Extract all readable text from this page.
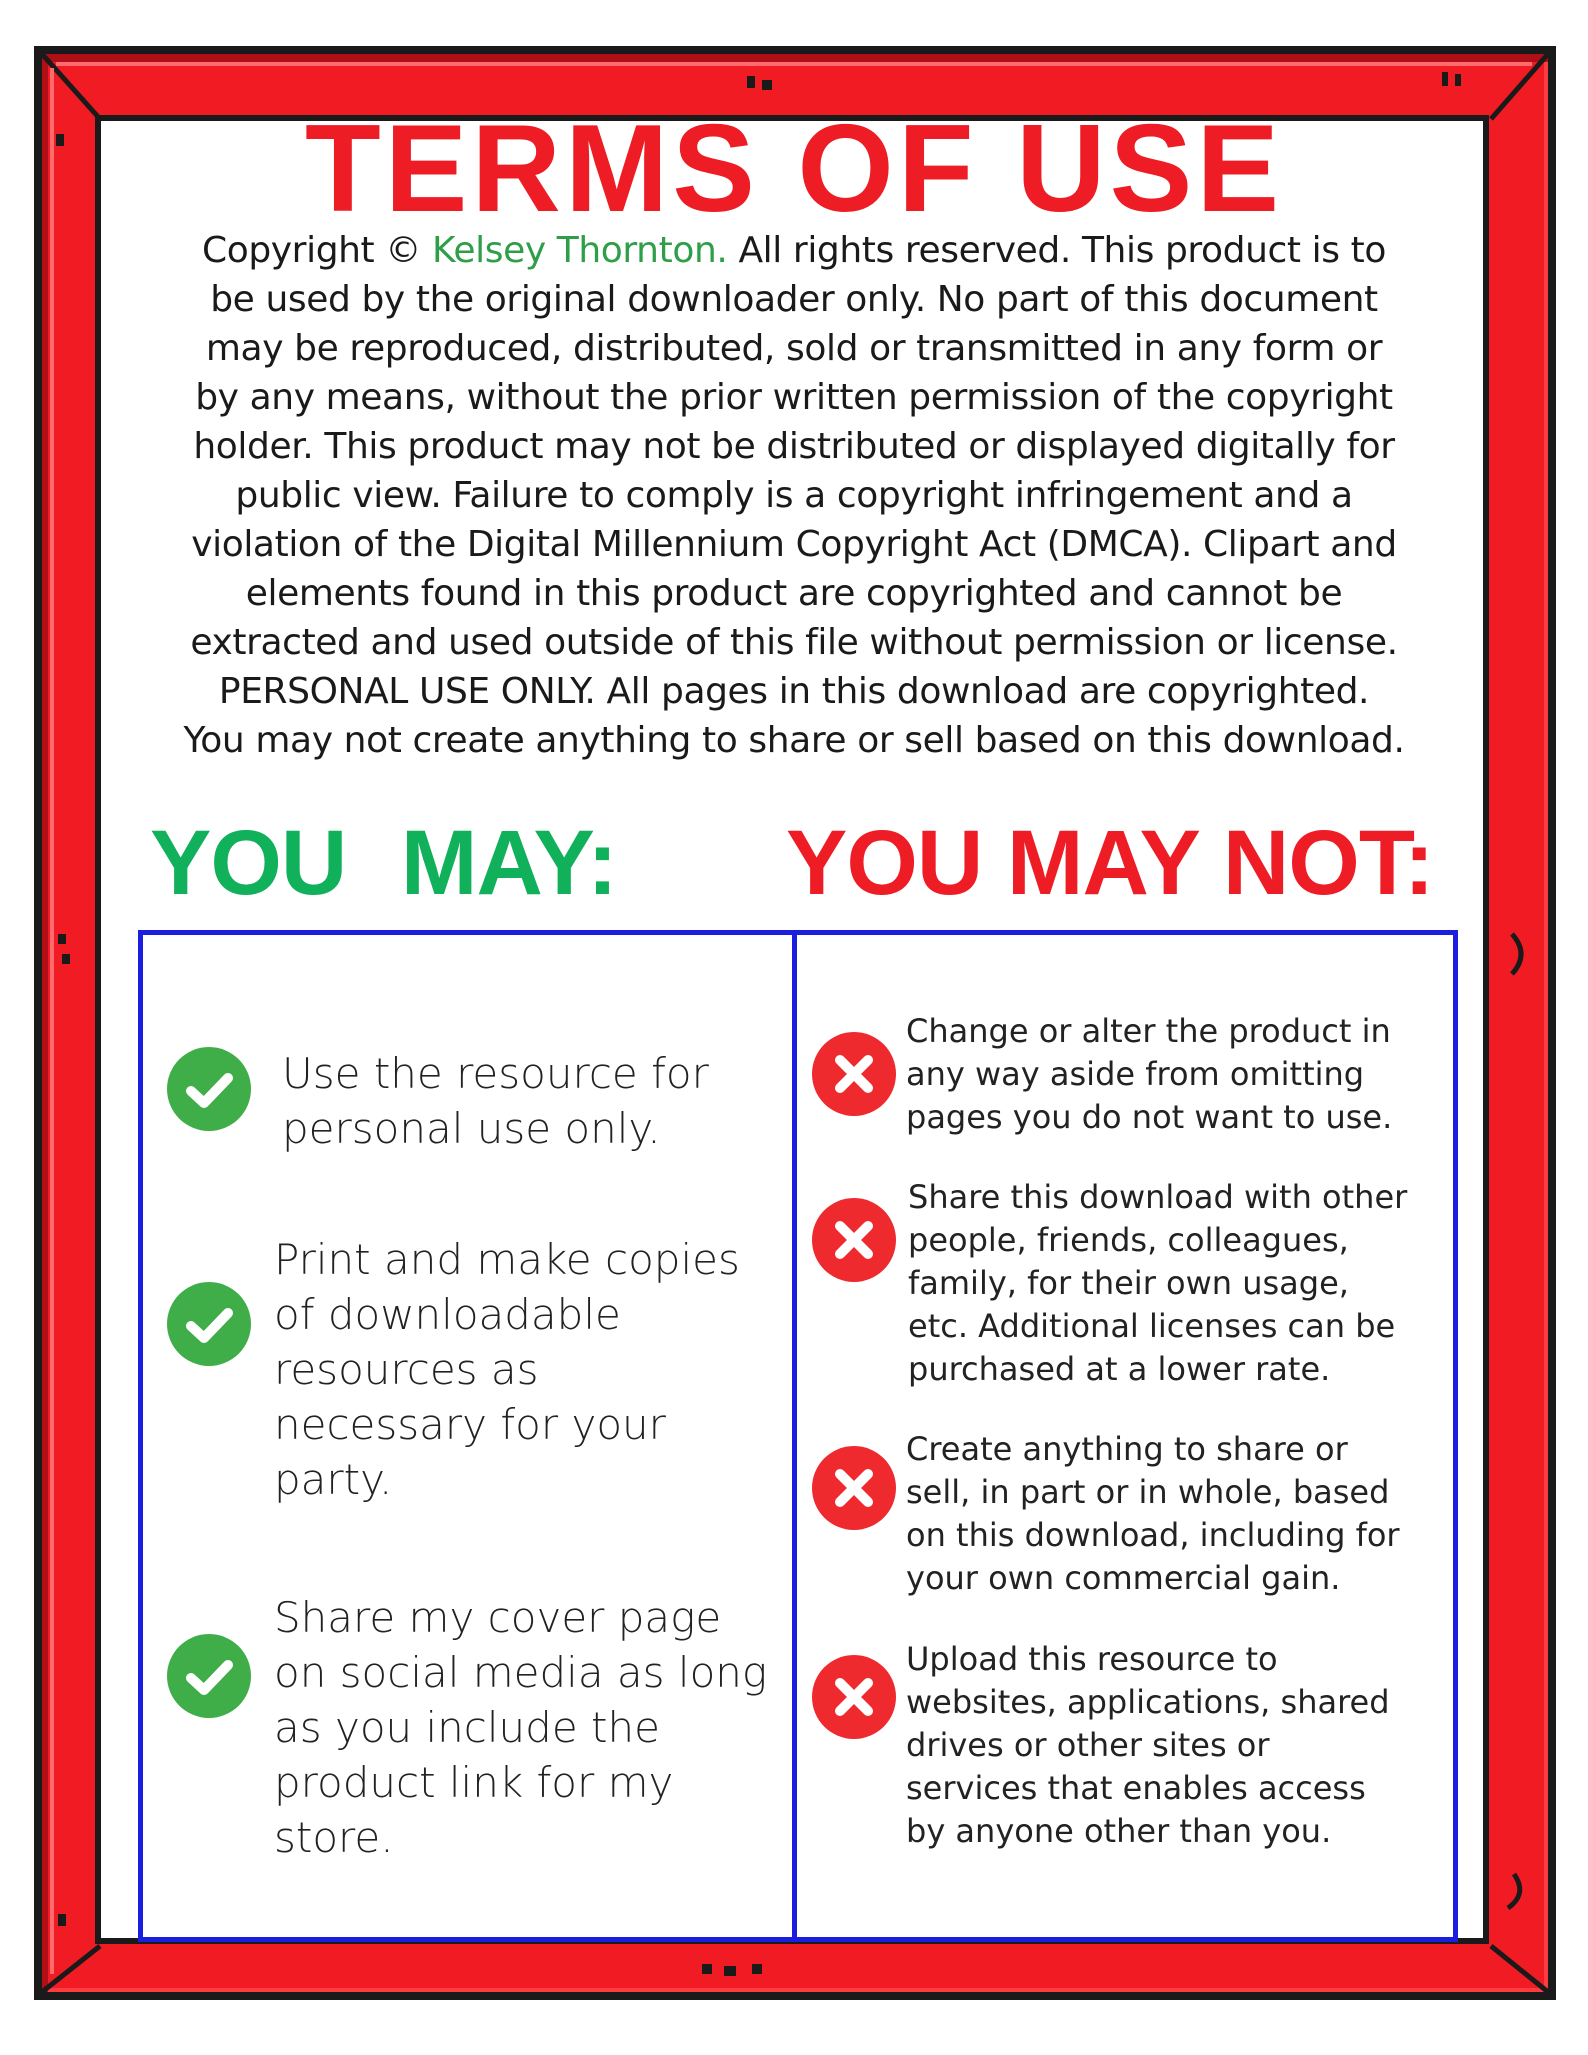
TERMS OF USE
Copyright © Kelsey Thornton. All rights reserved. This product is to
be used by the original downloader only. No part of this document
may be reproduced, distributed, sold or transmitted in any form or
by any means, without the prior written permission of the copyright
holder. This product may not be distributed or displayed digitally for
public view. Failure to comply is a copyright infringement and a
violation of the Digital Millennium Copyright Act (DMCA). Clipart and
elements found in this product are copyrighted and cannot be
extracted and used outside of this file without permission or license.
PERSONAL USE ONLY. All pages in this download are copyrighted.
You may not create anything to share or sell based on this download.
YOU MAY: YOU MAY NOT:
Use the resource for
personal use only.
Print and make copies
of downloadable
resources as
necessary for your
party.
Share my cover page
on social media as long
as you include the
product link for my
store.
Change or alter the product in
any way aside from omitting
pages you do not want to use.
Share this download with other
people, friends, colleagues,
family, for their own usage,
etc. Additional licenses can be
purchased at a lower rate.
Create anything to share or
sell, in part or in whole, based
on this download, including for
your own commercial gain.
Upload this resource to
websites, applications, shared
drives or other sites or
services that enables access
by anyone other than you.
